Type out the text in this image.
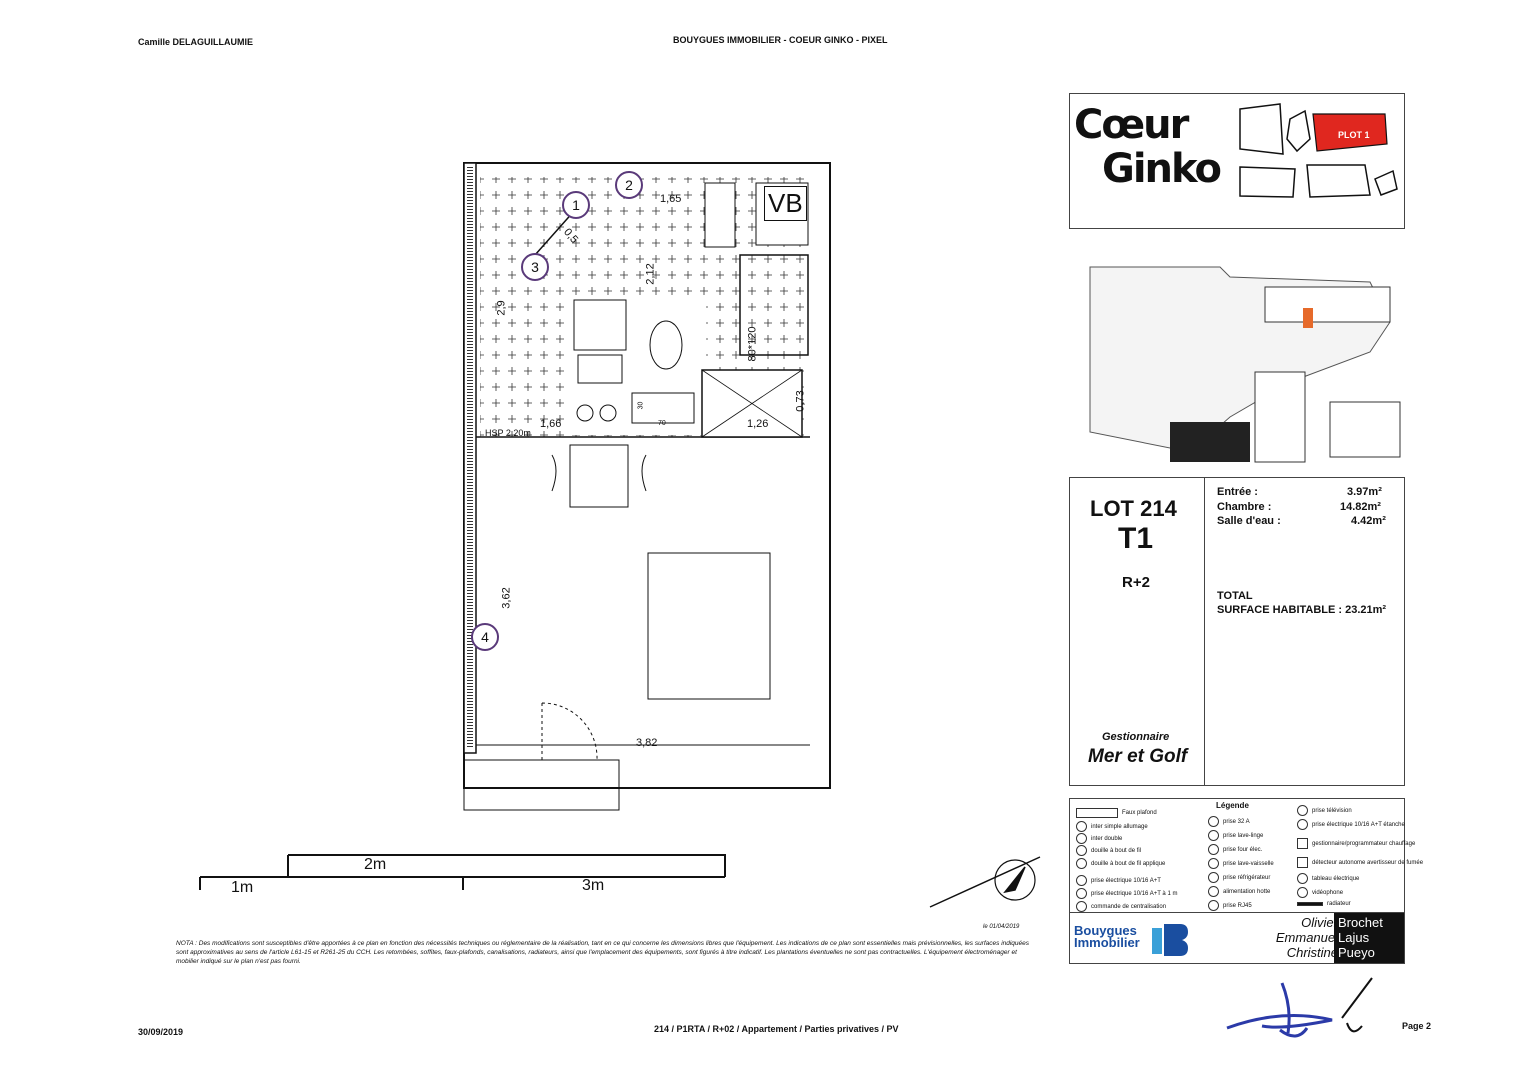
Camille DELAGUILLAUMIE	BOUYGUES IMMOBILIER - COEUR GINKO - PIXEL
VB
1,65
2,12
1,66
HSP 2.20m
80*120
0,73
1,26
3,62
3,82
2,9
0,5
70
30
1
2
3
4
1m
2m
3m
le 01/04/2019
NOTA : Des modifications sont susceptibles d'être apportées à ce plan en fonction des nécessités techniques ou réglementaire de la réalisation, tant en ce qui concerne les dimensions libres que l'équipement. Les indications de ce plan sont essentielles mais prévisionnelles, les surfaces indiquées sont approximatives au sens de l'article L61-15 et R261-25 du CCH. Les retombées, soffites, faux-plafonds, canalisations, radiateurs, ainsi que l'emplacement des équipements, sont figurés à titre indicatif. Les plantations éventuelles ne sont pas contractuelles. L'équipement électroménager et mobilier indiqué sur le plan n'est pas fourni.
Cœur
Ginko
PLOT 1
LOT 214
T1
R+2
Entrée :	3.97m²
Chambre :	14.82m²
Salle d'eau :	4.42m²
TOTAL
SURFACE HABITABLE : 23.21m²
Gestionnaire
Mer et Golf
Légende
Faux plafond
inter simple allumage
inter double
douille à bout de fil
douille à bout de fil applique
prise électrique 10/16 A+T
prise électrique 10/16 A+T à 1 m
commande de centralisation
prise 32 A
prise lave-linge
prise four élec.
prise lave-vaisselle
prise réfrigérateur
alimentation hotte
prise RJ45
prise télévision
prise électrique 10/16 A+T étanche
gestionnaire/programmateur chauffage
détecteur autonome avertisseur de fumée
tableau électrique
vidéophone
radiateur
Bouygues
Immobilier
OlivierBrochet
EmmanuelLajus
ChristinePueyo
30/09/2019	214 / P1RTA / R+02 / Appartement / Parties privatives / PV	Page 2
